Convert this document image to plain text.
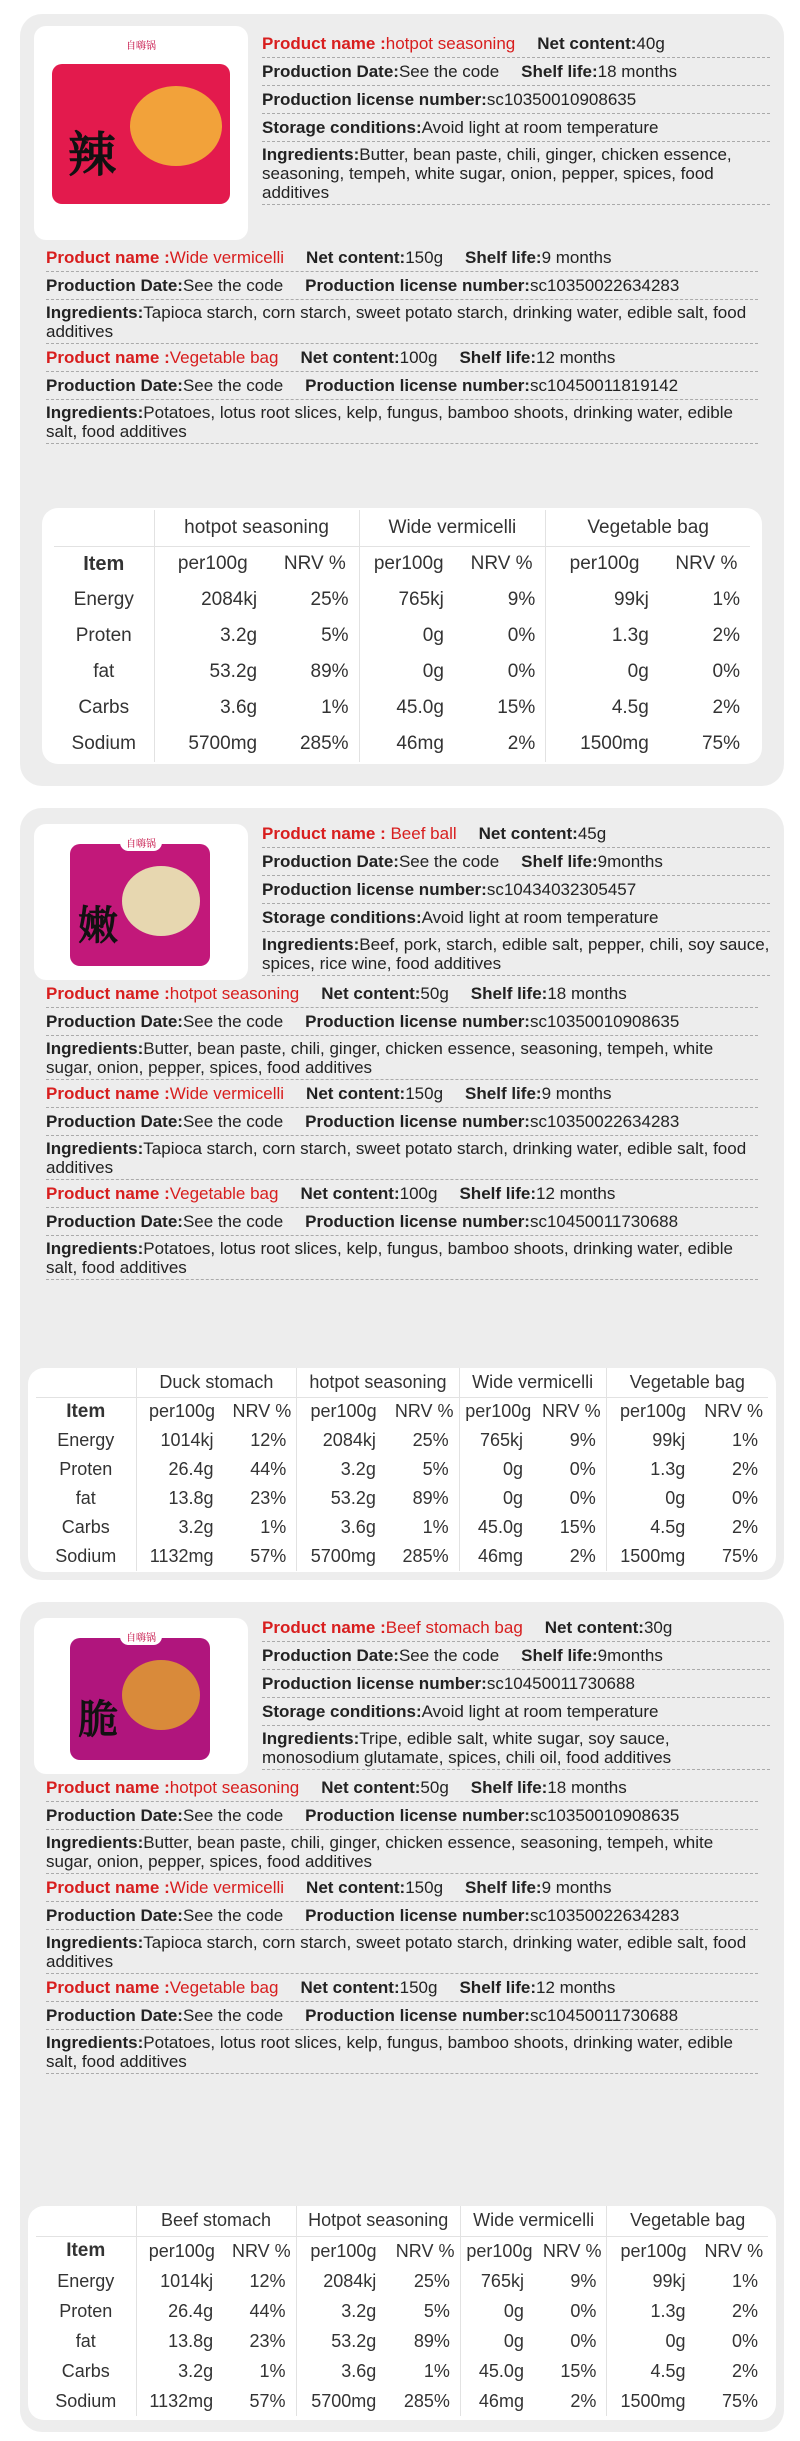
自嗨锅
辣
Product name :hotpot seasoning Net content:40g
Production Date:See the code Shelf life:18 months
Production license number:sc10350010908635
Storage conditions:Avoid light at room temperature
Ingredients:Butter, bean paste, chili, ginger, chicken essence, seasoning, tempeh, white sugar, onion, pepper, spices, food additives
Product name :Wide vermicelli Net content:150g Shelf life:9 months
Production Date:See the code Production license number:sc10350022634283
Ingredients:Tapioca starch, corn starch, sweet potato starch, drinking water, edible salt, food additives
Product name :Vegetable bag Net content:100g Shelf life:12 months
Production Date:See the code Production license number:sc10450011819142
Ingredients:Potatoes, lotus root slices, kelp, fungus, bamboo shoots, drinking water, edible salt, food additives
	hotpot seasoning		Wide vermicelli		Vegetable bag	
Item	per100g	NRV %	per100g	NRV %	per100g	NRV %
Energy	2084kj	25%	765kj	9%	99kj	1%
Proten	3.2g	5%	0g	0%	1.3g	2%
fat	53.2g	89%	0g	0%	0g	0%
Carbs	3.6g	1%	45.0g	15%	4.5g	2%
Sodium	5700mg	285%	46mg	2%	1500mg	75%
自嗨锅
嫩
Product name : Beef ball Net content:45g
Production Date:See the code Shelf life:9months
Production license number:sc10434032305457
Storage conditions:Avoid light at room temperature
Ingredients:Beef, pork, starch, edible salt, pepper, chili, soy sauce, spices, rice wine, food additives
Product name :hotpot seasoning Net content:50g Shelf life:18 months
Production Date:See the code Production license number:sc10350010908635
Ingredients:Butter, bean paste, chili, ginger, chicken essence, seasoning, tempeh, white sugar, onion, pepper, spices, food additives
Product name :Wide vermicelli Net content:150g Shelf life:9 months
Production Date:See the code Production license number:sc10350022634283
Ingredients:Tapioca starch, corn starch, sweet potato starch, drinking water, edible salt, food additives
Product name :Vegetable bag Net content:100g Shelf life:12 months
Production Date:See the code Production license number:sc10450011730688
Ingredients:Potatoes, lotus root slices, kelp, fungus, bamboo shoots, drinking water, edible salt, food additives
	Duck stomach		hotpot seasoning		Wide vermicelli		Vegetable bag	
Item	per100g	NRV %	per100g	NRV %	per100g	NRV %	per100g	NRV %
Energy	1014kj	12%	2084kj	25%	765kj	9%	99kj	1%
Proten	26.4g	44%	3.2g	5%	0g	0%	1.3g	2%
fat	13.8g	23%	53.2g	89%	0g	0%	0g	0%
Carbs	3.2g	1%	3.6g	1%	45.0g	15%	4.5g	2%
Sodium	1132mg	57%	5700mg	285%	46mg	2%	1500mg	75%
自嗨锅
脆
Product name :Beef stomach bag Net content:30g
Production Date:See the code Shelf life:9months
Production license number:sc10450011730688
Storage conditions:Avoid light at room temperature
Ingredients:Tripe, edible salt, white sugar, soy sauce, monosodium glutamate, spices, chili oil, food additives
Product name :hotpot seasoning Net content:50g Shelf life:18 months
Production Date:See the code Production license number:sc10350010908635
Ingredients:Butter, bean paste, chili, ginger, chicken essence, seasoning, tempeh, white sugar, onion, pepper, spices, food additives
Product name :Wide vermicelli Net content:150g Shelf life:9 months
Production Date:See the code Production license number:sc10350022634283
Ingredients:Tapioca starch, corn starch, sweet potato starch, drinking water, edible salt, food additives
Product name :Vegetable bag Net content:150g Shelf life:12 months
Production Date:See the code Production license number:sc10450011730688
Ingredients:Potatoes, lotus root slices, kelp, fungus, bamboo shoots, drinking water, edible salt, food additives
	Beef stomach		Hotpot seasoning		Wide vermicelli		Vegetable bag	
Item	per100g	NRV %	per100g	NRV %	per100g	NRV %	per100g	NRV %
Energy	1014kj	12%	2084kj	25%	765kj	9%	99kj	1%
Proten	26.4g	44%	3.2g	5%	0g	0%	1.3g	2%
fat	13.8g	23%	53.2g	89%	0g	0%	0g	0%
Carbs	3.2g	1%	3.6g	1%	45.0g	15%	4.5g	2%
Sodium	1132mg	57%	5700mg	285%	46mg	2%	1500mg	75%
